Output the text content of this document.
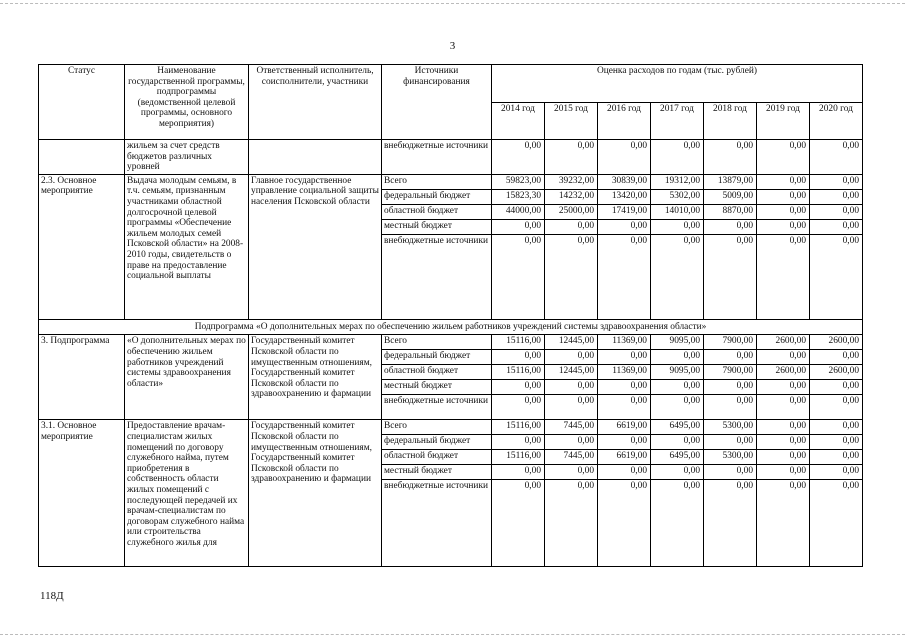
3
Статус	Наименование государственной программы, подпрограммы (ведомственной целевой программы, основного мероприятия)	Ответственный исполнитель, соисполнители, участники	Источники финансирования	Оценка расходов по годам (тыс. рублей)						
				2014 год	2015 год	2016 год	2017 год	2018 год	2019 год	2020 год
	жильем за счет средств бюджетов различных уровней		внебюджетные источники	0,00	0,00	0,00	0,00	0,00	0,00	0,00
2.3. Основное мероприятие	Выдача молодым семьям, в т.ч. семьям, признанным участниками областной долгосрочной целевой программы «Обеспечение жильем молодых семей Псковской области» на 2008-2010 годы, свидетельств о праве на предоставление социальной выплаты	Главное государственное управление социальной защиты населения Псковской области	Всего	59823,00	39232,00	30839,00	19312,00	13879,00	0,00	0,00
			федеральный бюджет	15823,30	14232,00	13420,00	5302,00	5009,00	0,00	0,00
			областной бюджет	44000,00	25000,00	17419,00	14010,00	8870,00	0,00	0,00
			местный бюджет	0,00	0,00	0,00	0,00	0,00	0,00	0,00
			внебюджетные источники	0,00	0,00	0,00	0,00	0,00	0,00	0,00
Подпрограмма «О дополнительных мерах по обеспечению жильем работников учреждений системы здравоохранения области»										
3. Подпрограмма	«О дополнительных мерах по обеспечению жильем работников учреждений системы здравоохранения области»	Государственный комитет Псковской области по имущественным отношениям, Государственный комитет Псковской области по здравоохранению и фармации	Всего	15116,00	12445,00	11369,00	9095,00	7900,00	2600,00	2600,00
			федеральный бюджет	0,00	0,00	0,00	0,00	0,00	0,00	0,00
			областной бюджет	15116,00	12445,00	11369,00	9095,00	7900,00	2600,00	2600,00
			местный бюджет	0,00	0,00	0,00	0,00	0,00	0,00	0,00
			внебюджетные источники	0,00	0,00	0,00	0,00	0,00	0,00	0,00
3.1. Основное мероприятие	Предоставление врачам-специалистам жилых помещений по договору служебного найма, путем приобретения в собственность области жилых помещений с последующей передачей их врачам-специалистам по договорам служебного найма или строительства служебного жилья для	Государственный комитет Псковской области по имущественным отношениям, Государственный комитет Псковской области по здравоохранению и фармации	Всего	15116,00	7445,00	6619,00	6495,00	5300,00	0,00	0,00
			федеральный бюджет	0,00	0,00	0,00	0,00	0,00	0,00	0,00
			областной бюджет	15116,00	7445,00	6619,00	6495,00	5300,00	0,00	0,00
			местный бюджет	0,00	0,00	0,00	0,00	0,00	0,00	0,00
			внебюджетные источники	0,00	0,00	0,00	0,00	0,00	0,00	0,00
118Д
